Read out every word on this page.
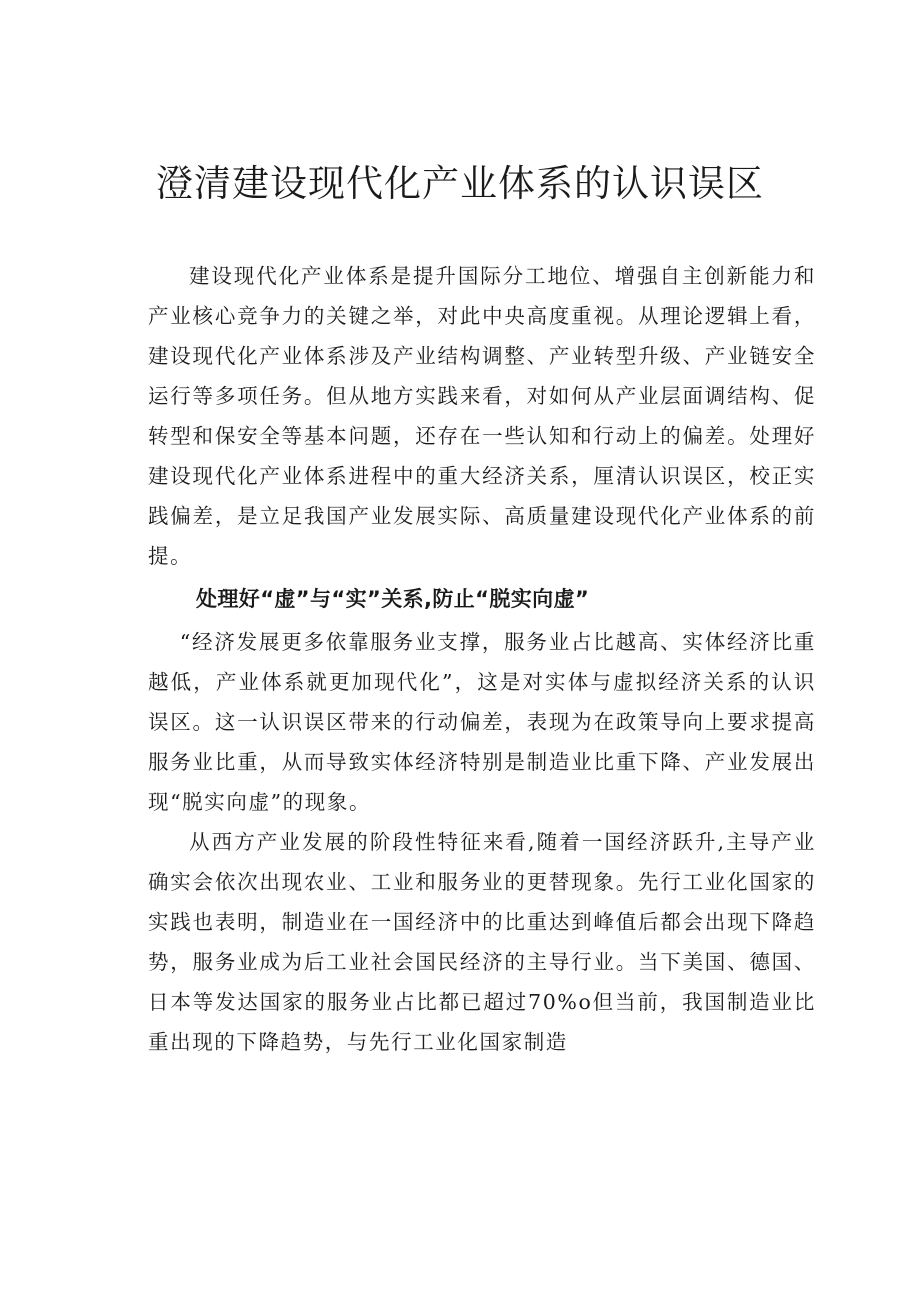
澄清建设现代化产业体系的认识误区

建设现代化产业体系是提升国际分工地位、增强自主创新能力和产业核心竞争力的关键之举，对此中央高度重视。从理论逻辑上看，建设现代化产业体系涉及产业结构调整、产业转型升级、产业链安全运行等多项任务。但从地方实践来看，对如何从产业层面调结构、促转型和保安全等基本问题，还存在一些认知和行动上的偏差。处理好建设现代化产业体系进程中的重大经济关系，厘清认识误区，校正实践偏差，是立足我国产业发展实际、高质量建设现代化产业体系的前提。

处理好“虚”与“实”关系,防止“脱实向虚”

“经济发展更多依靠服务业支撑，服务业占比越高、实体经济比重越低，产业体系就更加现代化”，这是对实体与虚拟经济关系的认识误区。这一认识误区带来的行动偏差，表现为在政策导向上要求提高服务业比重，从而导致实体经济特别是制造业比重下降、产业发展出现“脱实向虚”的现象。

从西方产业发展的阶段性特征来看,随着一国经济跃升,主导产业确实会依次出现农业、工业和服务业的更替现象。先行工业化国家的实践也表明，制造业在一国经济中的比重达到峰值后都会出现下降趋势，服务业成为后工业社会国民经济的主导行业。当下美国、德国、日本等发达国家的服务业占比都已超过70%o但当前，我国制造业比重出现的下降趋势，与先行工业化国家制造
